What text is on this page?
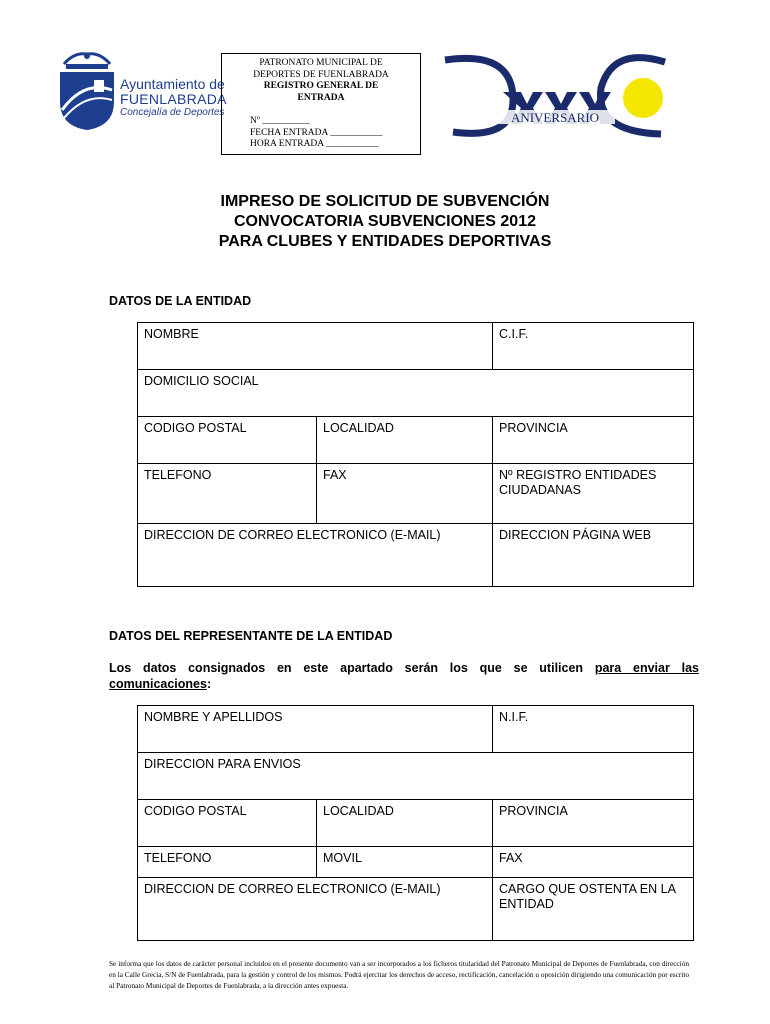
Ayuntamiento de
FUENLABRADA
Concejalía de Deportes
PATRONATO MUNICIPAL DE
DEPORTES DE FUENLABRADA
REGISTRO GENERAL DE
ENTRADA
Nº __________
FECHA ENTRADA ___________
HORA ENTRADA ___________
ANIVERSARIO
IMPRESO DE SOLICITUD DE SUBVENCIÓN
CONVOCATORIA SUBVENCIONES 2012
PARA CLUBES Y ENTIDADES DEPORTIVAS
DATOS DE LA ENTIDAD
NOMBRE		C.I.F.
DOMICILIO SOCIAL		
CODIGO POSTAL	LOCALIDAD	PROVINCIA
TELEFONO	FAX	Nº REGISTRO ENTIDADES CIUDADANAS
DIRECCION DE CORREO ELECTRONICO (E-MAIL)		DIRECCION PÁGINA WEB
DATOS DEL REPRESENTANTE DE LA ENTIDAD
Los datos consignados en este apartado serán los que se utilicen para enviar las
comunicaciones:
NOMBRE Y APELLIDOS		N.I.F.
DIRECCION PARA ENVIOS		
CODIGO POSTAL	LOCALIDAD	PROVINCIA
TELEFONO	MOVIL	FAX
DIRECCION DE CORREO ELECTRONICO (E-MAIL)		CARGO QUE OSTENTA EN LA ENTIDAD
Se informa que los datos de carácter personal incluidos en el presente documento van a ser incorporados a los ficheros titularidad del Patronato Municipal de Deportes de Fuenlabrada, con dirección en la Calle Grecia, S/N de Fuenlabrada, para la gestión y control de los mismos. Podrá ejercitar los derechos de acceso, rectificación, cancelación u oposición dirigiendo una comunicación por escrito al Patronato Municipal de Deportes de Fuenlabrada, a la dirección antes expuesta.
